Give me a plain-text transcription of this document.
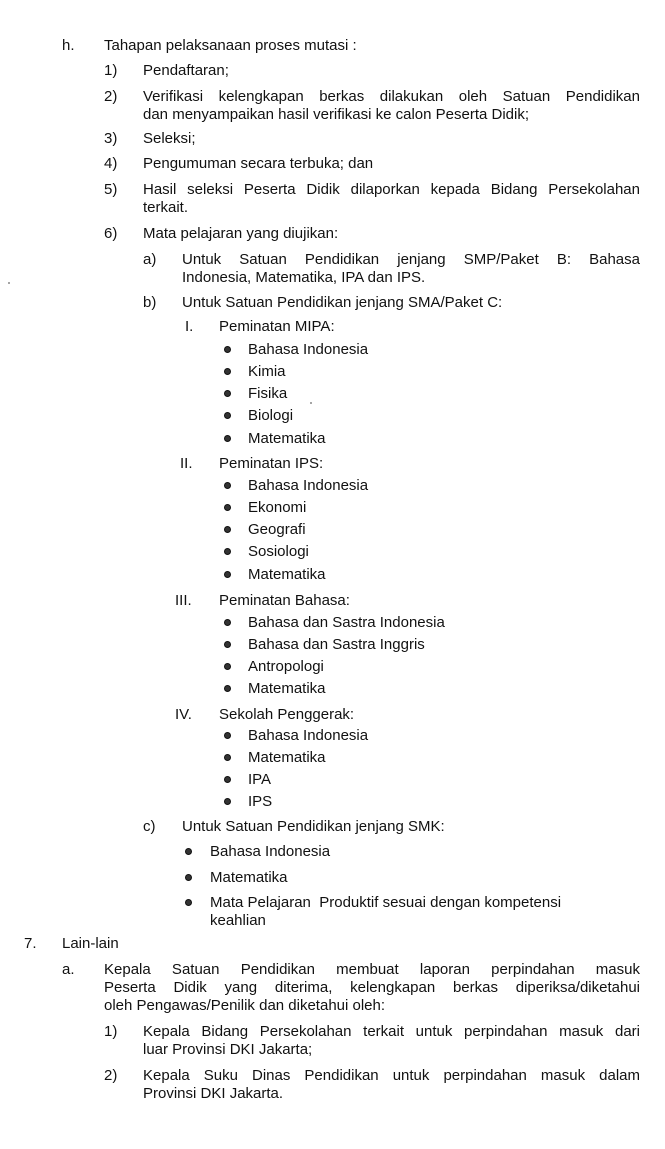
h. Tahapan pelaksanaan proses mutasi :
1) Pendaftaran;
2) Verifikasi kelengkapan berkas dilakukan oleh Satuan Pendidikan
dan menyampaikan hasil verifikasi ke calon Peserta Didik;
3) Seleksi;
4) Pengumuman secara terbuka; dan
5) Hasil seleksi Peserta Didik dilaporkan kepada Bidang Persekolahan
terkait.
6) Mata pelajaran yang diujikan:
a) Untuk Satuan Pendidikan jenjang SMP/Paket B: Bahasa
Indonesia, Matematika, IPA dan IPS.
b) Untuk Satuan Pendidikan jenjang SMA/Paket C:
I. Peminatan MIPA:
Bahasa Indonesia
Kimia
Fisika
Biologi
Matematika
II. Peminatan IPS:
Bahasa Indonesia
Ekonomi
Geografi
Sosiologi
Matematika
III. Peminatan Bahasa:
Bahasa dan Sastra Indonesia
Bahasa dan Sastra Inggris
Antropologi
Matematika
IV. Sekolah Penggerak:
Bahasa Indonesia
Matematika
IPA
IPS
c) Untuk Satuan Pendidikan jenjang SMK:
Bahasa Indonesia
Matematika
Mata Pelajaran  Produktif sesuai dengan kompetensi
keahlian
7. Lain-lain
a. Kepala Satuan Pendidikan membuat laporan perpindahan masuk
Peserta Didik yang diterima, kelengkapan berkas diperiksa/diketahui
oleh Pengawas/Penilik dan diketahui oleh:
1) Kepala Bidang Persekolahan terkait untuk perpindahan masuk dari
luar Provinsi DKI Jakarta;
2) Kepala Suku Dinas Pendidikan untuk perpindahan masuk dalam
Provinsi DKI Jakarta.
